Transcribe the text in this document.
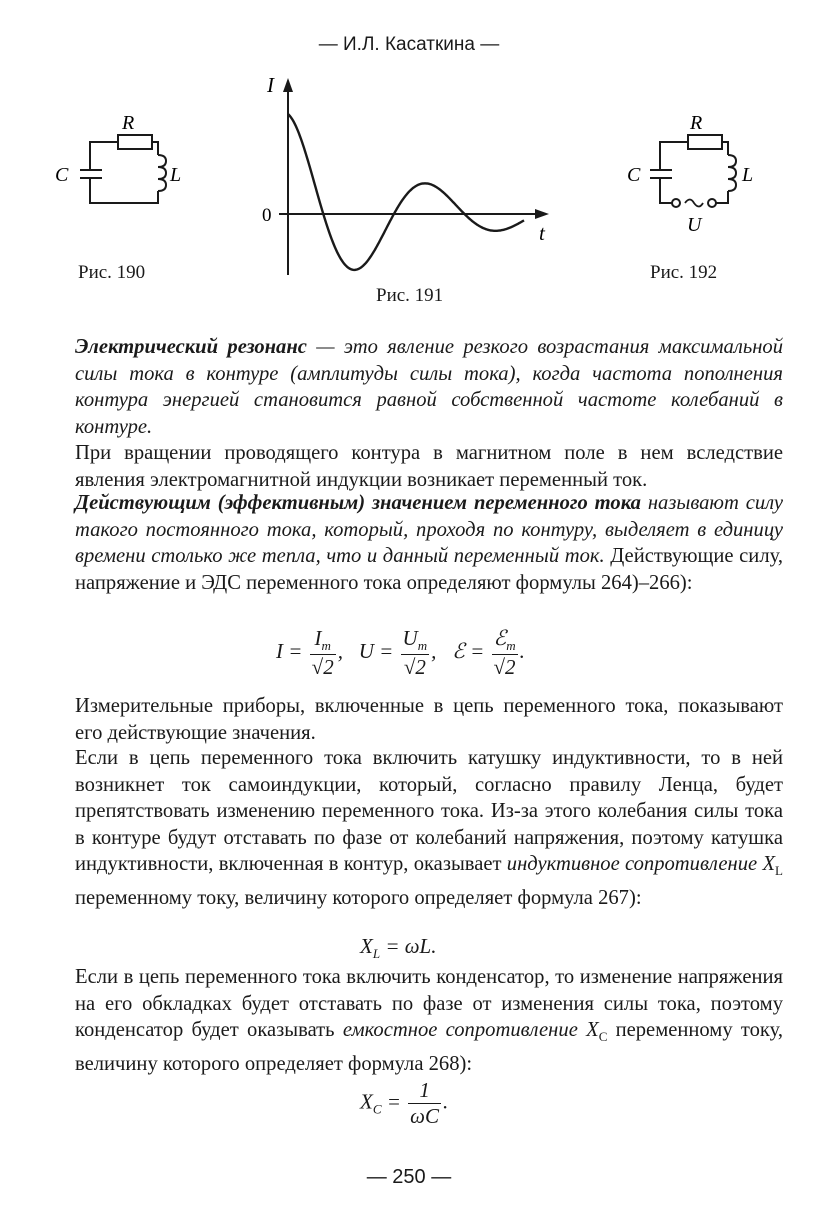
— И.Л. Касаткина —
R
C	L
Рис. 190
I
t
0
Рис. 191
R
C	L
U
Рис. 192
Электрический резонанс — это явление резкого возрастания максимальной силы тока в контуре (амплитуды силы тока), когда частота пополнения контура энергией становится равной собственной частоте колебаний в контуре.
При вращении проводящего контура в магнитном поле в нем вследствие явления электромагнитной индукции возникает переменный ток.
Действующим (эффективным) значением переменного тока называют силу такого постоянного тока, который, проходя по контуру, выделяет в единицу времени столько же тепла, что и данный переменный ток. Действующие силу, напряжение и ЭДС переменного тока определяют формулы 264)–266):
$I = \frac{I_m}{√2}$ , $U = \frac{U_m}{√2}$ , ℰ = $\frac{ℰ_m}{√2}$ .
Измерительные приборы, включенные в цепь переменного тока, показывают его действующие значения.
Если в цепь переменного тока включить катушку индуктивности, то в ней возникнет ток самоиндукции, который, согласно правилу Ленца, будет препятствовать изменению переменного тока. Из-за этого колебания силы тока в контуре будут отставать по фазе от колебаний напряжения, поэтому катушка индуктивности, включенная в контур, оказывает индуктивное сопротивление $X_L$ переменному току, величину которого определяет формула 267):
$X_L = \omega L$.
Если в цепь переменного тока включить конденсатор, то изменение напряжения на его обкладках будет отставать по фазе от изменения силы тока, поэтому конденсатор будет оказывать емкостное сопротивление $X_C$ переменному току, величину которого определяет формула 268):
$X_C = \frac{1}{\omega C}$ .
— 250 —
